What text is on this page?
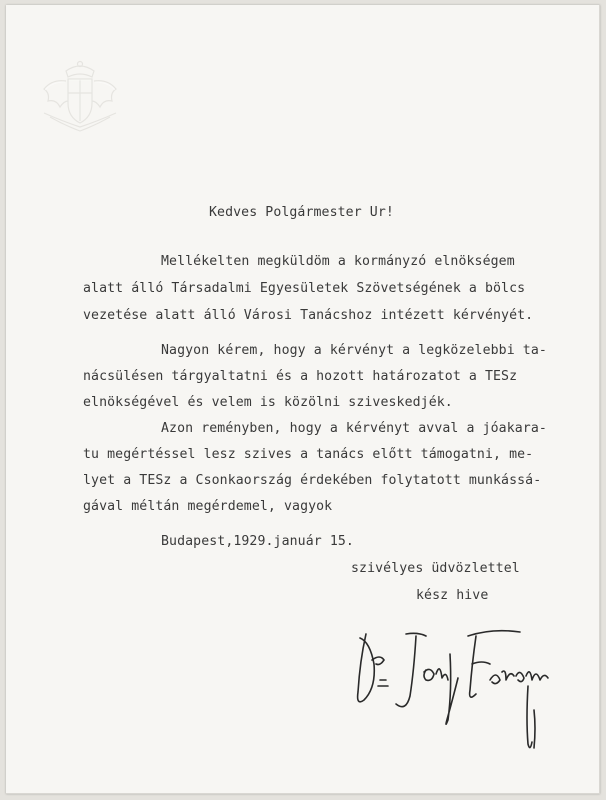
Kedves Polgármester Ur!
Mellékelten megküldöm a kormányzó elnökségem
alatt álló Társadalmi Egyesületek Szövetségének a bölcs
vezetése alatt álló Városi Tanácshoz intézett kérvényét.
Nagyon kérem, hogy a kérvényt a legközelebbi ta-
nácsülésen tárgyaltatni és a hozott határozatot a TESz
elnökségével és velem is közölni sziveskedjék.
Azon reményben, hogy a kérvényt avval a jóakara-
tu megértéssel lesz szives a tanács előtt támogatni, me-
lyet a TESz a Csonkaország érdekében folytatott munkássá-
gával méltán megérdemel, vagyok
Budapest,1929.január 15.
szivélyes üdvözlettel
kész hive
